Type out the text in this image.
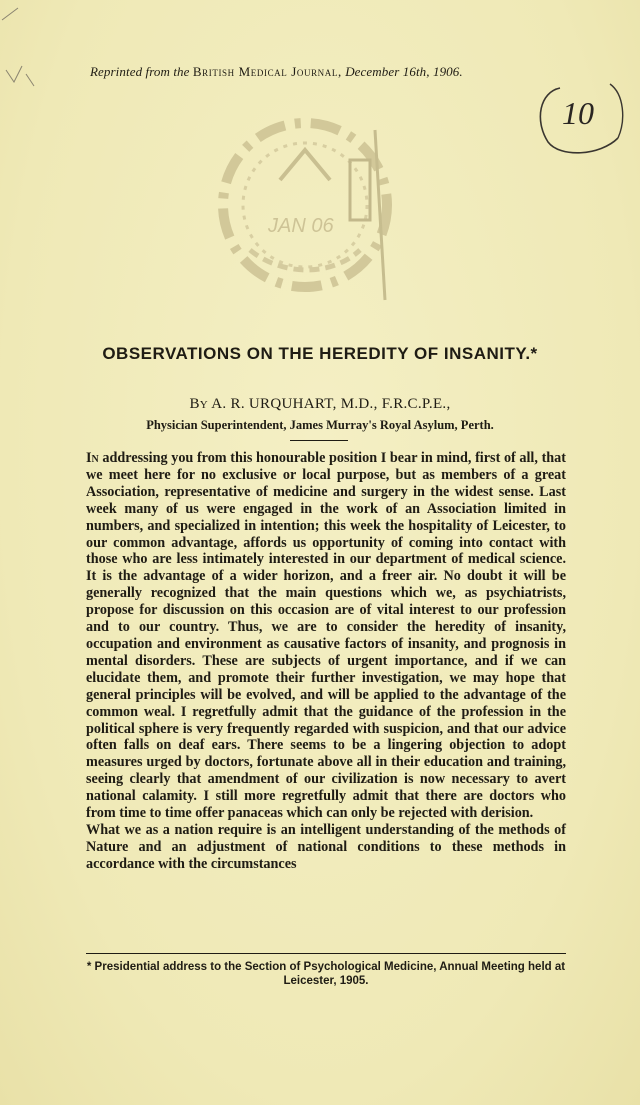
Reprinted from the British Medical Journal, December 16th, 1906.
10
JAN 06
OBSERVATIONS ON THE HEREDITY OF INSANITY.*
By A. R. URQUHART, M.D., F.R.C.P.E.,
Physician Superintendent, James Murray's Royal Asylum, Perth.

In addressing you from this honourable position I bear in mind, first of all, that we meet here for no exclusive or local purpose, but as members of a great Association, representative of medicine and surgery in the widest sense. Last week many of us were engaged in the work of an Association limited in numbers, and specialized in intention; this week the hospitality of Leicester, to our common advantage, affords us opportunity of coming into contact with those who are less intimately interested in our department of medical science. It is the advantage of a wider horizon, and a freer air. No doubt it will be generally recognized that the main questions which we, as psychiatrists, propose for discussion on this occasion are of vital interest to our profession and to our country. Thus, we are to consider the heredity of insanity, occupation and environment as causative factors of insanity, and prognosis in mental disorders. These are subjects of urgent importance, and if we can elucidate them, and promote their further investigation, we may hope that general principles will be evolved, and will be applied to the advantage of the common weal. I regretfully admit that the guidance of the profession in the political sphere is very frequently regarded with suspicion, and that our advice often falls on deaf ears. There seems to be a lingering objection to adopt measures urged by doctors, fortunate above all in their education and training, seeing clearly that amendment of our civilization is now necessary to avert national calamity. I still more regretfully admit that there are doctors who from time to time offer panaceas which can only be rejected with derision.

What we as a nation require is an intelligent understanding of the methods of Nature and an adjustment of national conditions to these methods in accordance with the circumstances

* Presidential address to the Section of Psychological Medicine, Annual Meeting held at Leicester, 1905.
